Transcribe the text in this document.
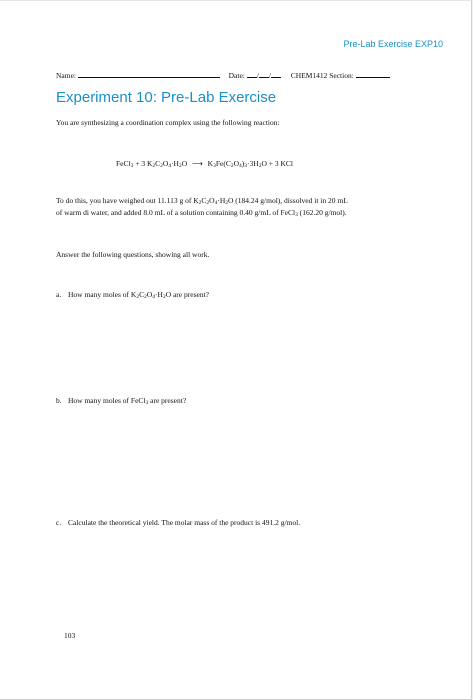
Pre-Lab Exercise EXP10
Name:	Date: / /	CHEM1412 Section:
Experiment 10: Pre-Lab Exercise
You are synthesizing a coordination complex using the following reaction:
FeCl$_3$ + 3 $K_2C_2O_4\cdot H_2O$ ⟶ $K_3Fe(C_2O_4)_3\cdot 3H_2O + 3$ KCl
To do this, you have weighed out 11.113 g of $K_2C_2O_4\cdot H_2O$ (184.24 g/mol), dissolved it in 20 mL
of warm di water, and added 8.0 mL of a solution containing 0.40 g/mL of FeCl$_3$ (162.20 g/mol).
Answer the following questions, showing all work.
a. How many moles of $K_2C_2O_4\cdot H_2O$ are present?
b. How many moles of FeCl$_3$ are present?
c. Calculate the theoretical yield. The molar mass of the product is 491.2 g/mol.
103
